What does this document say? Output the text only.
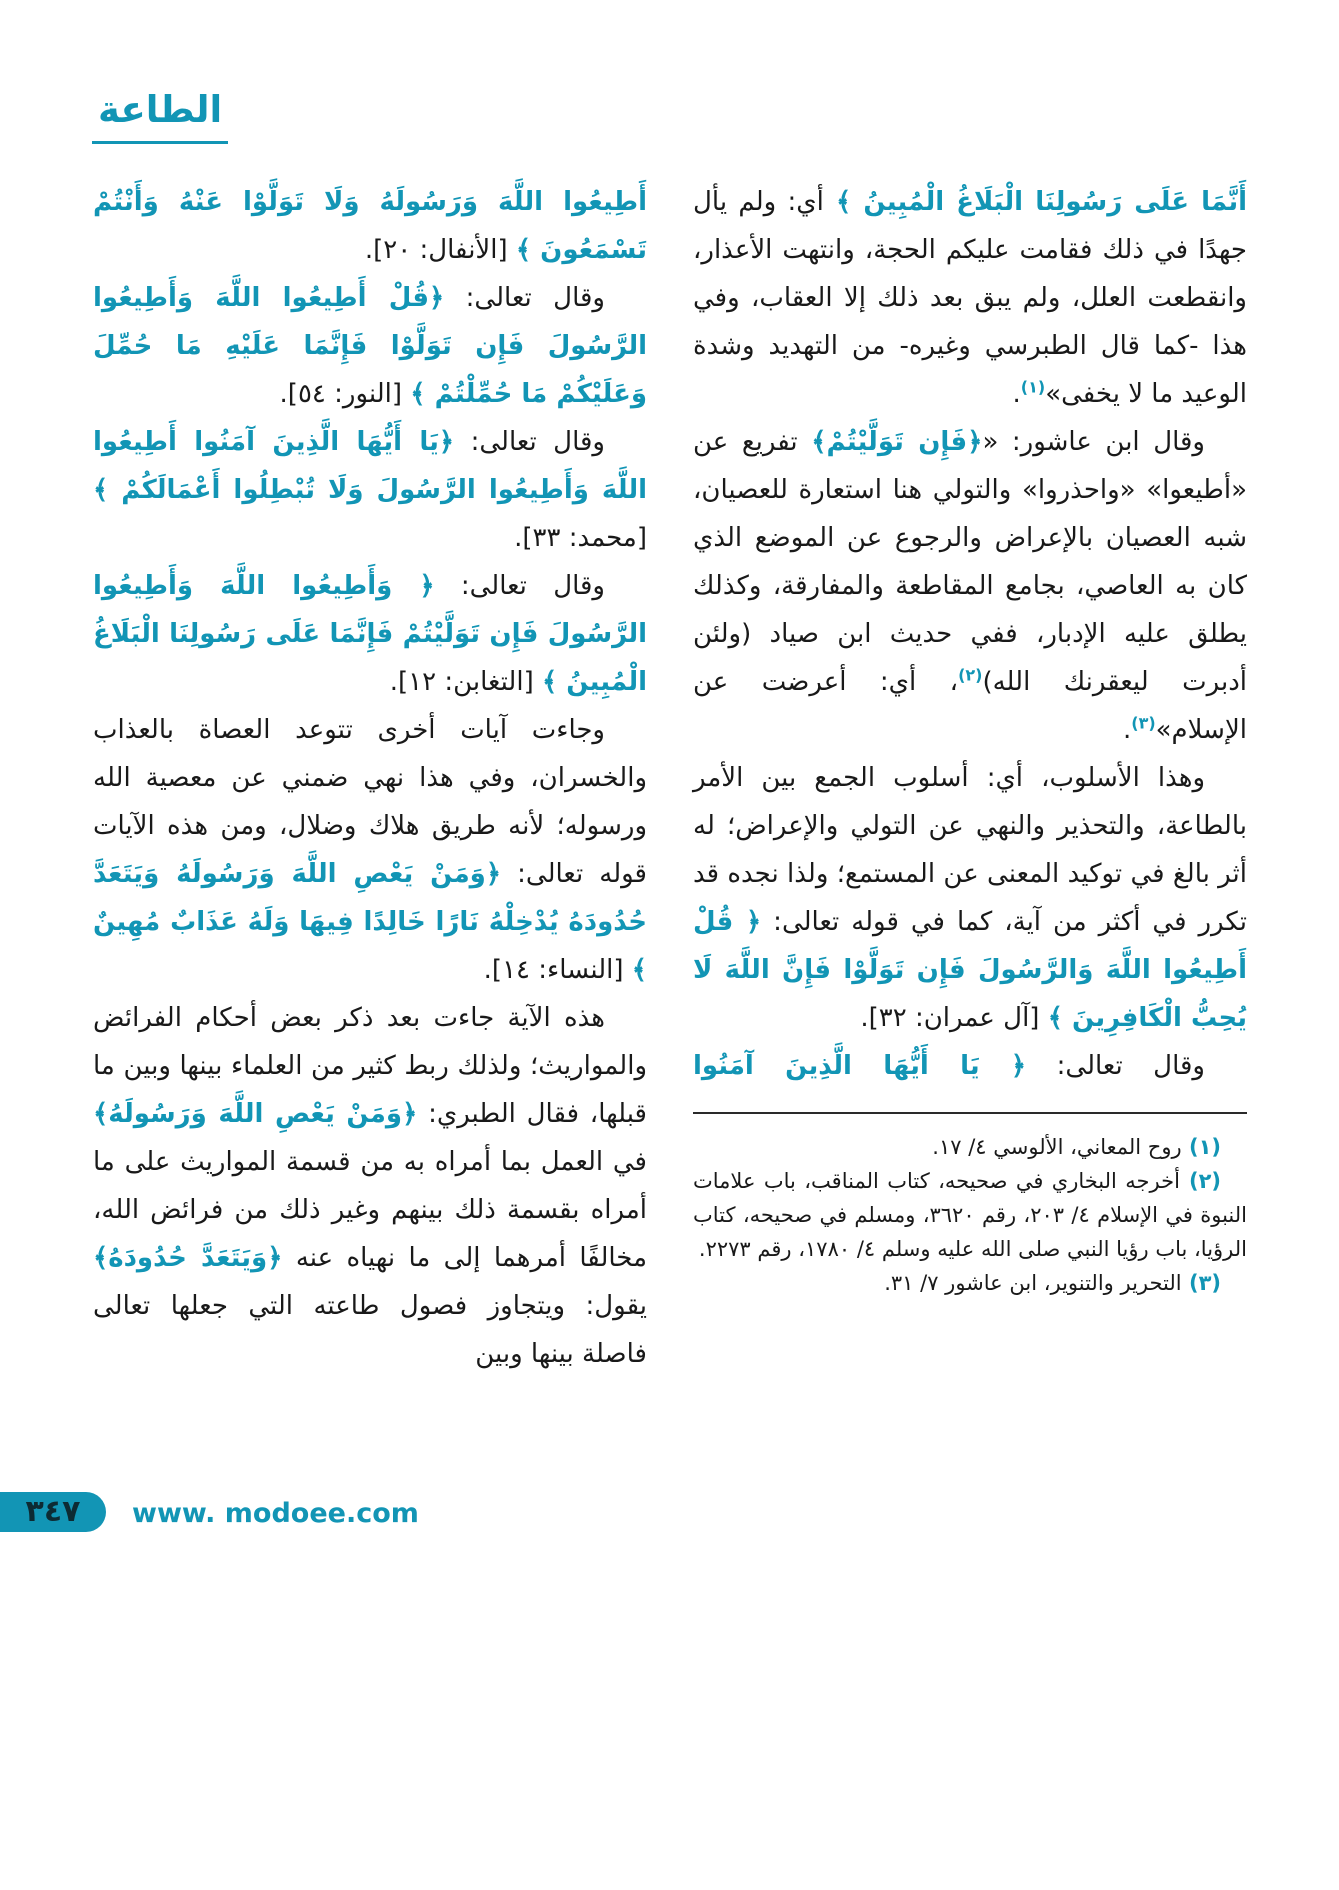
الطاعة

أَنَّمَا عَلَى رَسُولِنَا الْبَلَاغُ الْمُبِينُ ﴾ أي: ولم يأل جهدًا في ذلك فقامت عليكم الحجة، وانتهت الأعذار، وانقطعت العلل، ولم يبق بعد ذلك إلا العقاب، وفي هذا -كما قال الطبرسي وغيره- من التهديد وشدة الوعيد ما لا يخفى»$^{(١)}$.

وقال ابن عاشور: «﴿فَإِن تَوَلَّيْتُمْ﴾ تفريع عن «أطيعوا» «واحذروا» والتولي هنا استعارة للعصيان، شبه العصيان بالإعراض والرجوع عن الموضع الذي كان به العاصي، بجامع المقاطعة والمفارقة، وكذلك يطلق عليه الإدبار، ففي حديث ابن صياد (ولئن أدبرت ليعقرنك الله)$^{(٢)}$، أي: أعرضت عن الإسلام»$^{(٣)}$.

وهذا الأسلوب، أي: أسلوب الجمع بين الأمر بالطاعة، والتحذير والنهي عن التولي والإعراض؛ له أثر بالغ في توكيد المعنى عن المستمع؛ ولذا نجده قد تكرر في أكثر من آية، كما في قوله تعالى: ﴿ قُلْ أَطِيعُوا اللَّهَ وَالرَّسُولَ فَإِن تَوَلَّوْا فَإِنَّ اللَّهَ لَا يُحِبُّ الْكَافِرِينَ ﴾ [آل عمران: ٣٢].

وقال تعالى: ﴿ يَا أَيُّهَا الَّذِينَ آمَنُوا

(١) روح المعاني، الألوسي ٤/ ١٧.
(٢) أخرجه البخاري في صحيحه، كتاب المناقب، باب علامات النبوة في الإسلام ٤/ ٢٠٣، رقم ٣٦٢٠، ومسلم في صحيحه، كتاب الرؤيا، باب رؤيا النبي صلى الله عليه وسلم ٤/ ١٧٨٠، رقم ٢٢٧٣.
(٣) التحرير والتنوير، ابن عاشور ٧/ ٣١.

أَطِيعُوا اللَّهَ وَرَسُولَهُ وَلَا تَوَلَّوْا عَنْهُ وَأَنْتُمْ تَسْمَعُونَ ﴾ [الأنفال: ٢٠].

وقال تعالى: ﴿قُلْ أَطِيعُوا اللَّهَ وَأَطِيعُوا الرَّسُولَ فَإِن تَوَلَّوْا فَإِنَّمَا عَلَيْهِ مَا حُمِّلَ وَعَلَيْكُمْ مَا حُمِّلْتُمْ ﴾ [النور: ٥٤].

وقال تعالى: ﴿يَا أَيُّهَا الَّذِينَ آمَنُوا أَطِيعُوا اللَّهَ وَأَطِيعُوا الرَّسُولَ وَلَا تُبْطِلُوا أَعْمَالَكُمْ ﴾ [محمد: ٣٣].

وقال تعالى: ﴿ وَأَطِيعُوا اللَّهَ وَأَطِيعُوا الرَّسُولَ فَإِن تَوَلَّيْتُمْ فَإِنَّمَا عَلَى رَسُولِنَا الْبَلَاغُ الْمُبِينُ ﴾ [التغابن: ١٢].

وجاءت آيات أخرى تتوعد العصاة بالعذاب والخسران، وفي هذا نهي ضمني عن معصية الله ورسوله؛ لأنه طريق هلاك وضلال، ومن هذه الآيات قوله تعالى: ﴿وَمَنْ يَعْصِ اللَّهَ وَرَسُولَهُ وَيَتَعَدَّ حُدُودَهُ يُدْخِلْهُ نَارًا خَالِدًا فِيهَا وَلَهُ عَذَابٌ مُهِينٌ ﴾ [النساء: ١٤].

هذه الآية جاءت بعد ذكر بعض أحكام الفرائض والمواريث؛ ولذلك ربط كثير من العلماء بينها وبين ما قبلها، فقال الطبري: ﴿وَمَنْ يَعْصِ اللَّهَ وَرَسُولَهُ﴾ في العمل بما أمراه به من قسمة المواريث على ما أمراه بقسمة ذلك بينهم وغير ذلك من فرائض الله، مخالفًا أمرهما إلى ما نهياه عنه ﴿وَيَتَعَدَّ حُدُودَهُ﴾ يقول: ويتجاوز فصول طاعته التي جعلها تعالى فاصلة بينها وبين

٣٤٧ www. modoee.com
